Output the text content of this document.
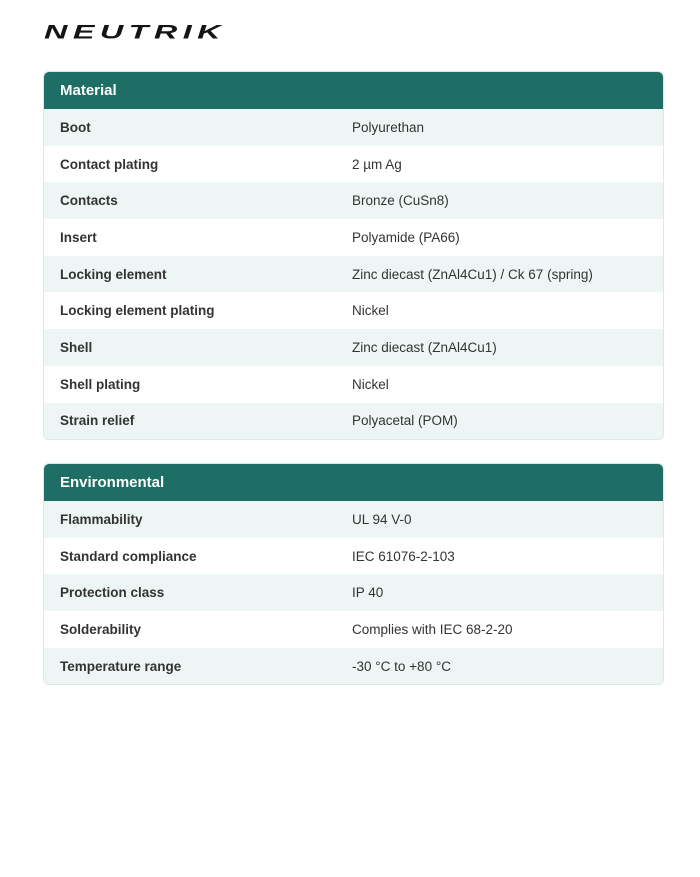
NEUTRIK
Material
Boot	Polyurethan
Contact plating	2 µm Ag
Contacts	Bronze (CuSn8)
Insert	Polyamide (PA66)
Locking element	Zinc diecast (ZnAl4Cu1) / Ck 67 (spring)
Locking element plating	Nickel
Shell	Zinc diecast (ZnAl4Cu1)
Shell plating	Nickel
Strain relief	Polyacetal (POM)
Environmental
Flammability	UL 94 V-0
Standard compliance	IEC 61076-2-103
Protection class	IP 40
Solderability	Complies with IEC 68-2-20
Temperature range	-30 °C to +80 °C
